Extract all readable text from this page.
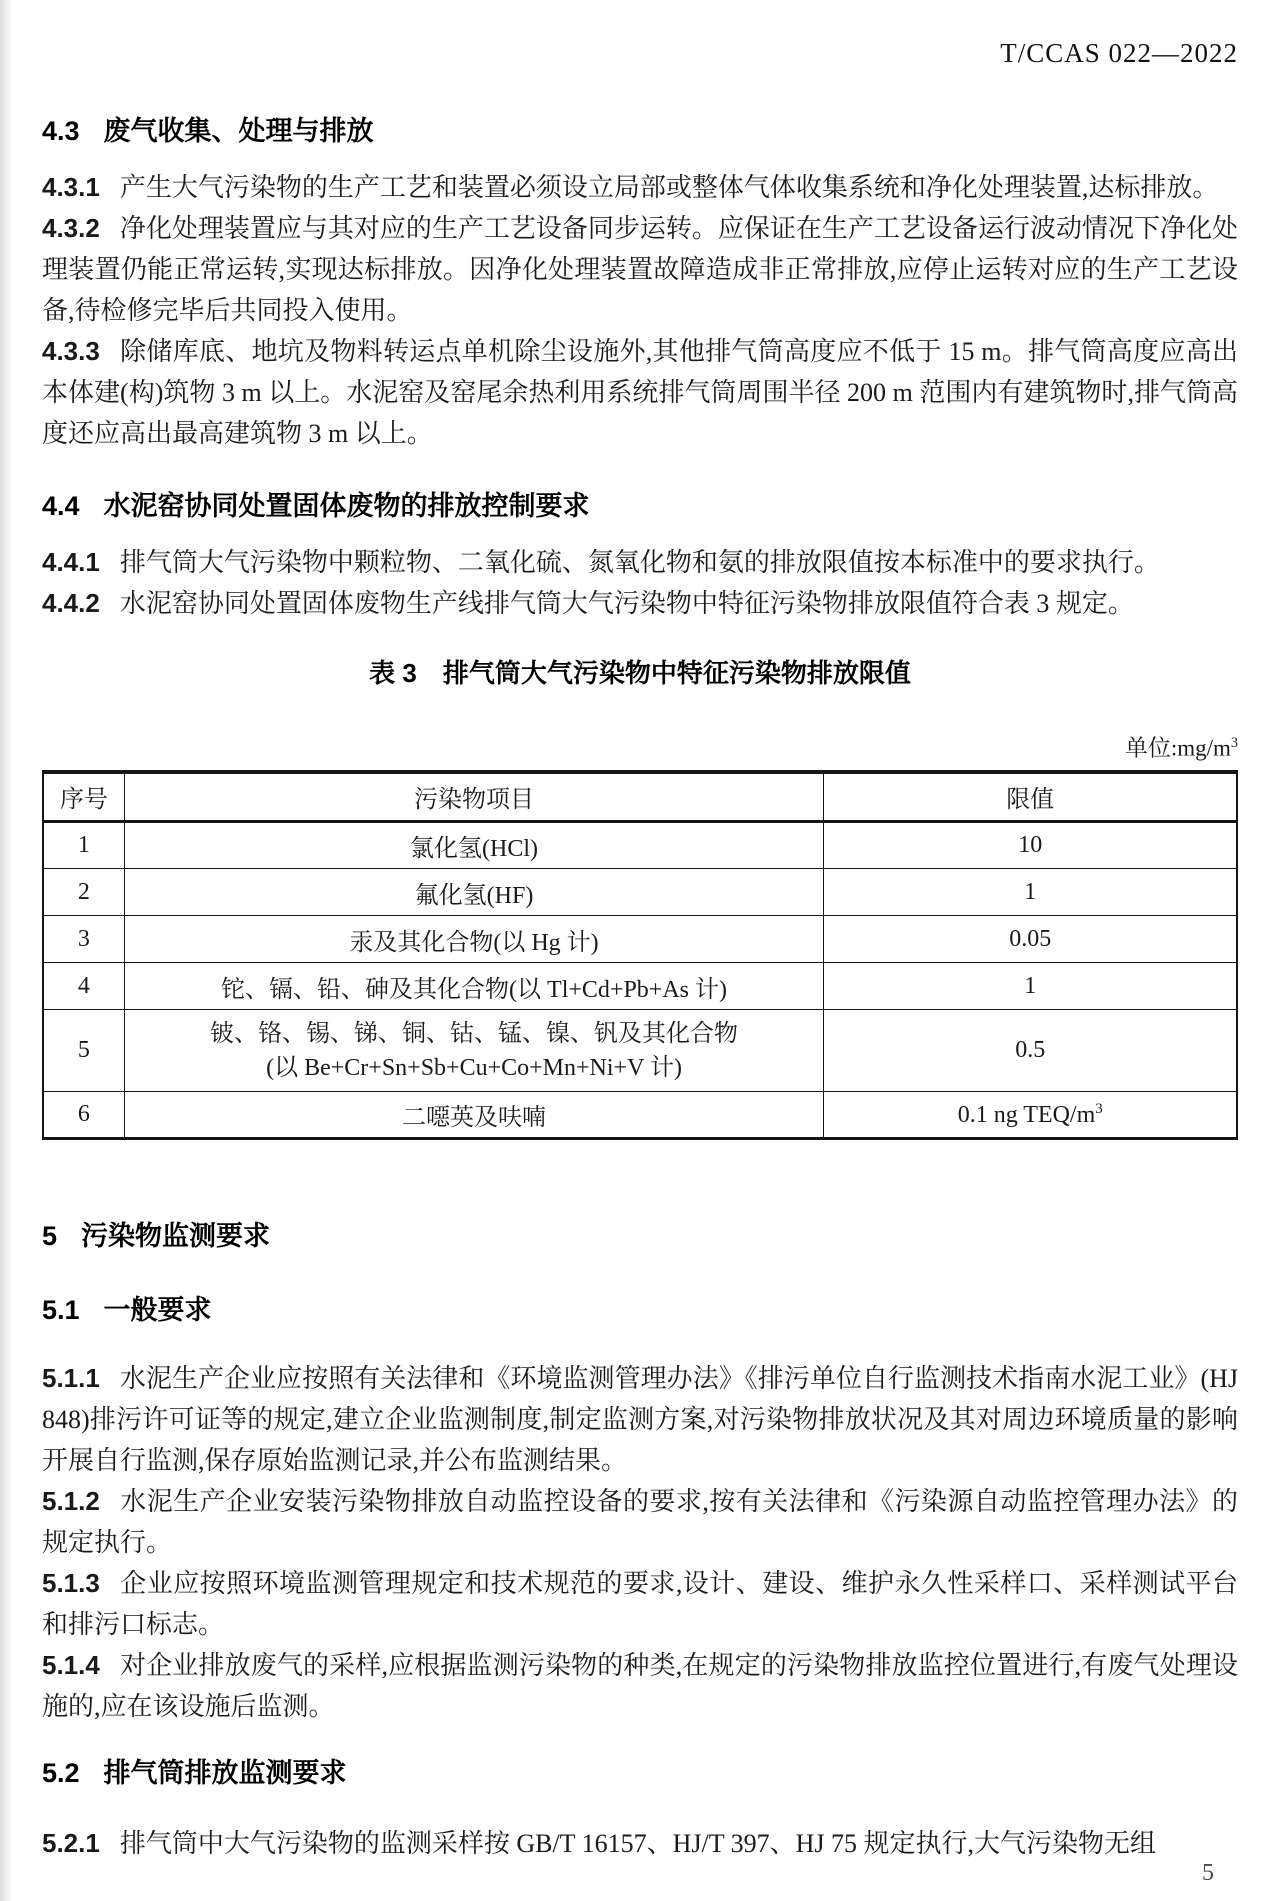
T/CCAS 022—2022
4.3 废气收集、处理与排放

4.3.1 产生大气污染物的生产工艺和装置必须设立局部或整体气体收集系统和净化处理装置,达标排放。

4.3.2 净化处理装置应与其对应的生产工艺设备同步运转。应保证在生产工艺设备运行波动情况下净化处理装置仍能正常运转,实现达标排放。因净化处理装置故障造成非正常排放,应停止运转对应的生产工艺设备,待检修完毕后共同投入使用。

4.3.3 除储库底、地坑及物料转运点单机除尘设施外,其他排气筒高度应不低于 15 m。排气筒高度应高出本体建(构)筑物 3 m 以上。水泥窑及窑尾余热利用系统排气筒周围半径 200 m 范围内有建筑物时,排气筒高度还应高出最高建筑物 3 m 以上。

4.4 水泥窑协同处置固体废物的排放控制要求

4.4.1 排气筒大气污染物中颗粒物、二氧化硫、氮氧化物和氨的排放限值按本标准中的要求执行。

4.4.2 水泥窑协同处置固体废物生产线排气筒大气污染物中特征污染物排放限值符合表 3 规定。

表 3　排气筒大气污染物中特征污染物排放限值
单位$:mg/m^3$
序号	污染物项目	限值
1	氯化氢(HCl)	10
2	氟化氢(HF)	1
3	汞及其化合物(以 Hg 计)	0.05
4	铊、镉、铅、砷及其化合物(以 Tl+Cd+Pb+As 计)	1
5	铍、铬、锡、锑、铜、钴、锰、镍、钒及其化合物
(以 Be+Cr+Sn+Sb+Cu+Co+Mn+Ni+V 计)	0.5
6	二噁英及呋喃	0.1 ng TEQ/$m^3$
5 污染物监测要求
5.1 一般要求

5.1.1 水泥生产企业应按照有关法律和《环境监测管理办法》《排污单位自行监测技术指南水泥工业》(HJ 848)排污许可证等的规定,建立企业监测制度,制定监测方案,对污染物排放状况及其对周边环境质量的影响开展自行监测,保存原始监测记录,并公布监测结果。

5.1.2 水泥生产企业安装污染物排放自动监控设备的要求,按有关法律和《污染源自动监控管理办法》的规定执行。

5.1.3 企业应按照环境监测管理规定和技术规范的要求,设计、建设、维护永久性采样口、采样测试平台和排污口标志。

5.1.4 对企业排放废气的采样,应根据监测污染物的种类,在规定的污染物排放监控位置进行,有废气处理设施的,应在该设施后监测。

5.2 排气筒排放监测要求

5.2.1 排气筒中大气污染物的监测采样按 GB/T 16157、HJ/T 397、HJ 75 规定执行,大气污染物无组

5
